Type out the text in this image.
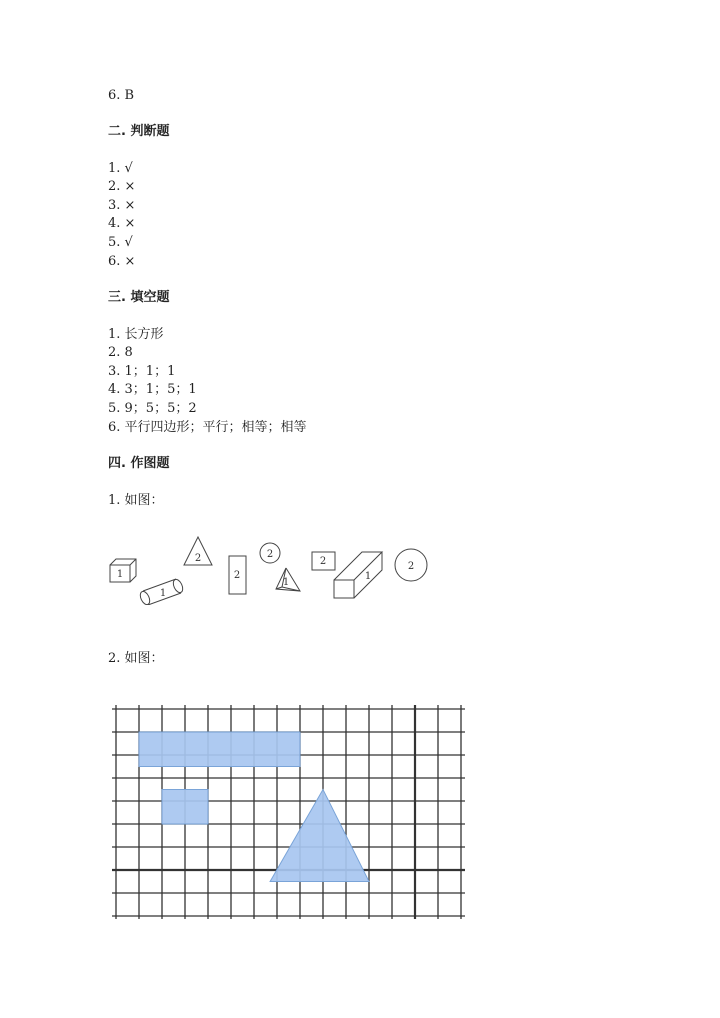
6. B
二. 判断题
1. √
2. ×
3. ×
4. ×
5. √
6. ×
三. 填空题
1. 长方形
2. 8
3. 1；1；1
4. 3；1；5；1
5. 9；5；5；2
6. 平行四边形；平行；相等；相等
四. 作图题
1. 如图：
1
1
2
2
2
1
2
1
2
2. 如图：
